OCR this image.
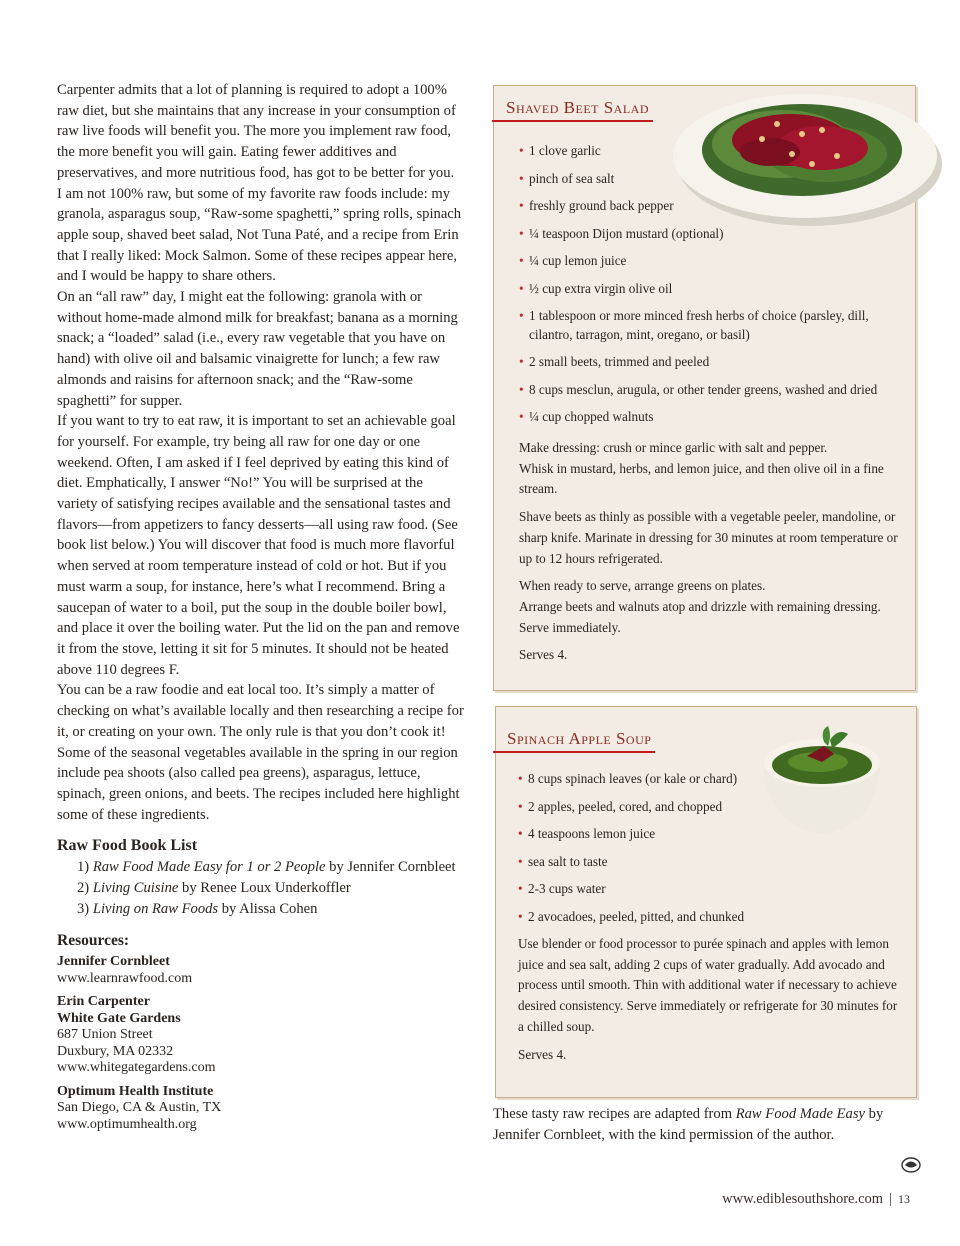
Carpenter admits that a lot of planning is required to adopt a 100% raw diet, but she maintains that any increase in your consumption of raw live foods will benefit you. The more you implement raw food, the more benefit you will gain. Eating fewer additives and preservatives, and more nutritious food, has got to be better for you.

I am not 100% raw, but some of my favorite raw foods include: my granola, asparagus soup, “Raw-some spaghetti,” spring rolls, spinach apple soup, shaved beet salad, Not Tuna Paté, and a recipe from Erin that I really liked: Mock Salmon. Some of these recipes appear here, and I would be happy to share others.

On an “all raw” day, I might eat the following: granola with or without home-made almond milk for breakfast; banana as a morning snack; a “loaded” salad (i.e., every raw vegetable that you have on hand) with olive oil and balsamic vinaigrette for lunch; a few raw almonds and raisins for afternoon snack; and the “Raw-some spaghetti” for supper.

If you want to try to eat raw, it is important to set an achievable goal for yourself. For example, try being all raw for one day or one weekend. Often, I am asked if I feel deprived by eating this kind of diet. Emphatically, I answer “No!” You will be surprised at the variety of satisfying recipes available and the sensational tastes and flavors—from appetizers to fancy desserts—all using raw food. (See book list below.) You will discover that food is much more flavorful when served at room temperature instead of cold or hot. But if you must warm a soup, for instance, here’s what I recommend. Bring a saucepan of water to a boil, put the soup in the double boiler bowl, and place it over the boiling water. Put the lid on the pan and remove it from the stove, letting it sit for 5 minutes. It should not be heated above 110 degrees F.

You can be a raw foodie and eat local too. It’s simply a matter of checking on what’s available locally and then researching a recipe for it, or creating on your own. The only rule is that you don’t cook it! Some of the seasonal vegetables available in the spring in our region include pea shoots (also called pea greens), asparagus, lettuce, spinach, green onions, and beets. The recipes included here highlight some of these ingredients.

Raw Food Book List
1) Raw Food Made Easy for 1 or 2 People by Jennifer Cornbleet
2) Living Cuisine by Renee Loux Underkoffler
3) Living on Raw Foods by Alissa Cohen
Resources:
Jennifer Cornbleet
www.learnrawfood.com
Erin Carpenter
White Gate Gardens
687 Union Street
Duxbury, MA 02332
www.whitegategardens.com
Optimum Health Institute
San Diego, CA & Austin, TX
www.optimumhealth.org
Shaved Beet Salad
• 1 clove garlic
• pinch of sea salt
• freshly ground back pepper
• ¼ teaspoon Dijon mustard (optional)
• ¼ cup lemon juice
• ½ cup extra virgin olive oil
• 1 tablespoon or more minced fresh herbs of choice (parsley, dill, cilantro, tarragon, mint, oregano, or basil)
• 2 small beets, trimmed and peeled
• 8 cups mesclun, arugula, or other tender greens, washed and dried
• ¼ cup chopped walnuts

Make dressing: crush or mince garlic with salt and pepper.

Whisk in mustard, herbs, and lemon juice, and then olive oil in a fine stream.

Shave beets as thinly as possible with a vegetable peeler, mandoline, or sharp knife. Marinate in dressing for 30 minutes at room temperature or up to 12 hours refrigerated.

When ready to serve, arrange greens on plates.

Arrange beets and walnuts atop and drizzle with remaining dressing. Serve immediately.

Serves 4.

Spinach Apple Soup
• 8 cups spinach leaves (or kale or chard)
• 2 apples, peeled, cored, and chopped
• 4 teaspoons lemon juice
• sea salt to taste
• 2-3 cups water
• 2 avocadoes, peeled, pitted, and chunked

Use blender or food processor to purée spinach and apples with lemon juice and sea salt, adding 2 cups of water gradually. Add avocado and process until smooth. Thin with additional water if necessary to achieve desired consistency. Serve immediately or refrigerate for 30 minutes for a chilled soup.

Serves 4.

These tasty raw recipes are adapted from Raw Food Made Easy by Jennifer Cornbleet, with the kind permission of the author.
www.ediblesouthshore.com | 13
